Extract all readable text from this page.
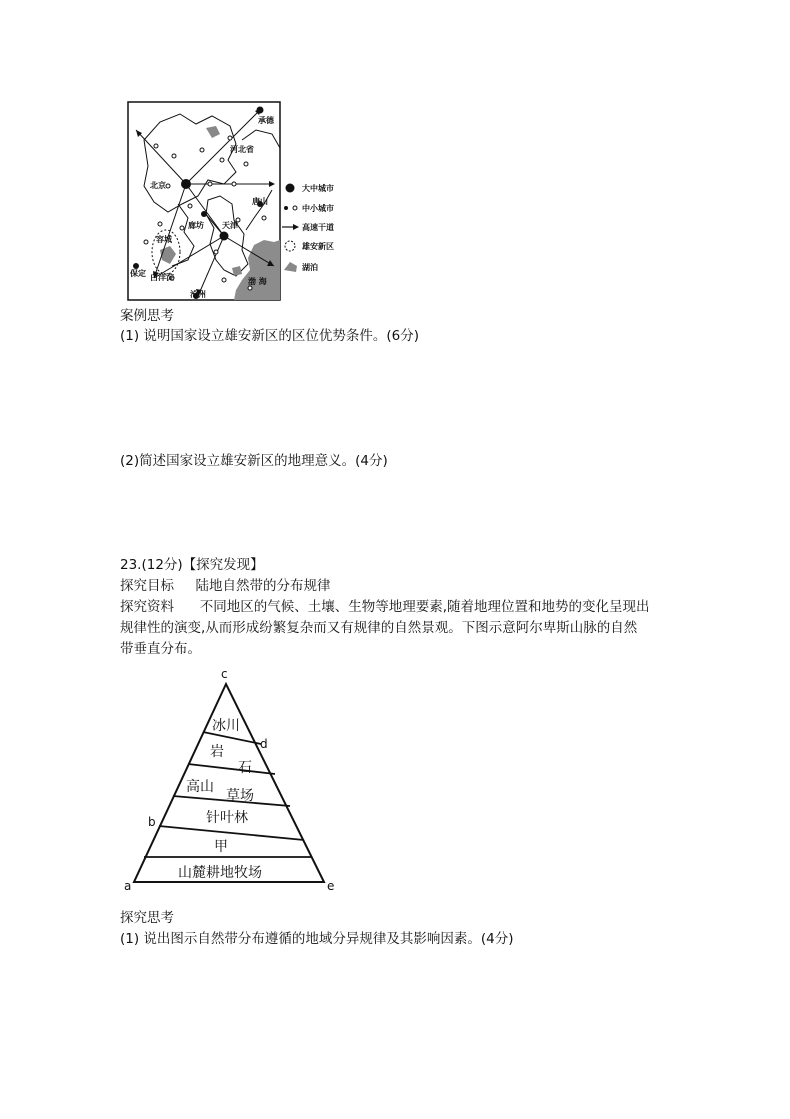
承德
河北省
北京
廊坊 天津
唐山
容城
白洋淀
保定
沧州
渤 海
大中城市
中小城市
高速干道
雄安新区
湖泊
案例思考
(1) 说明国家设立雄安新区的区位优势条件。(6分)
(2)简述国家设立雄安新区的地理意义。(4分)
23.(12分)【探究发现】
探究目标     陆地自然带的分布规律
探究资料      不同地区的气候、土壤、生物等地理要素,随着地理位置和地势的变化呈现出
规律性的演变,从而形成纷繁复杂而又有规律的自然景观。下图示意阿尔卑斯山脉的自然
带垂直分布。
c
d
b
a	e
冰川
岩
石
高山
草场
针叶林
甲
山麓耕地牧场
探究思考
(1) 说出图示自然带分布遵循的地域分异规律及其影响因素。(4分)
